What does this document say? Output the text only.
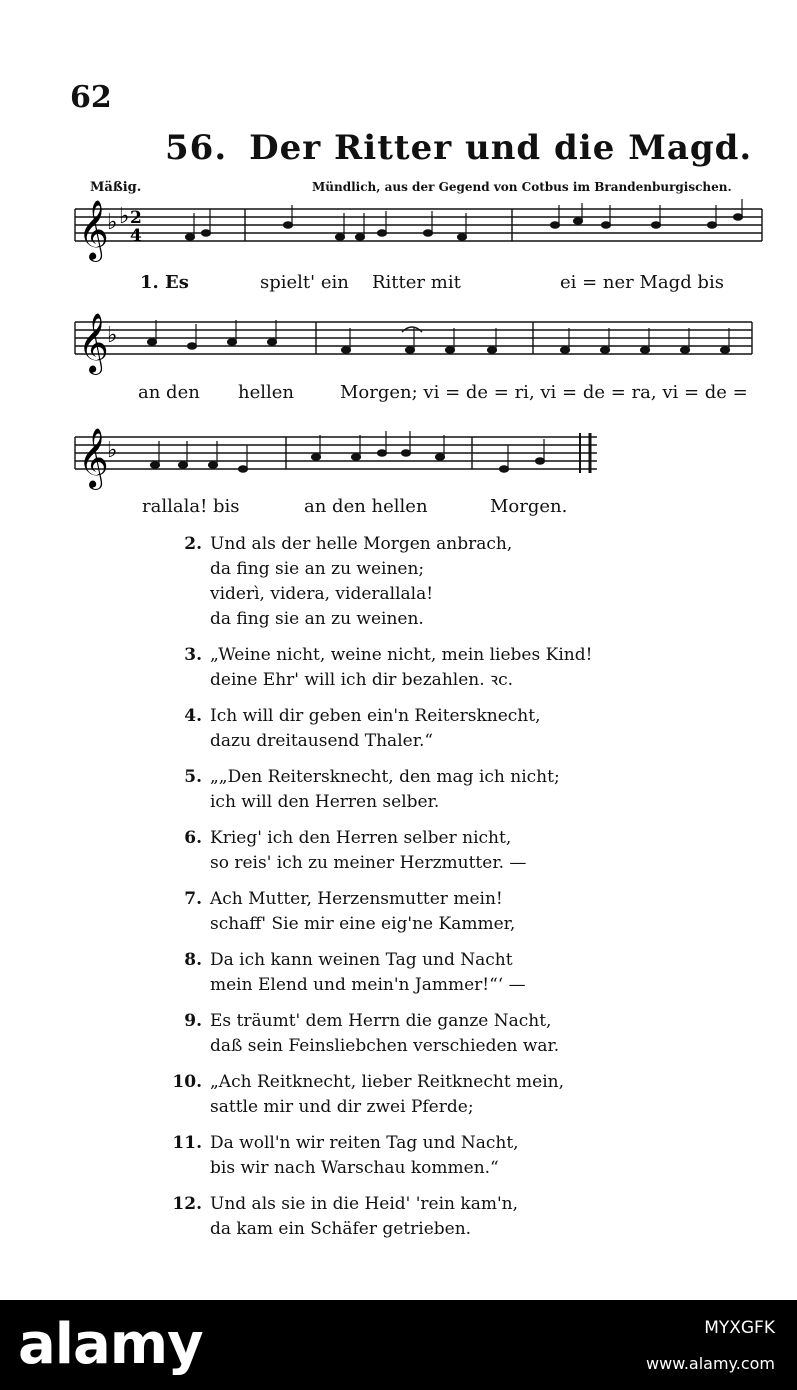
62
56. Der Ritter und die Magd.
Mäßig.	Mündlich, aus der Gegend von Cotbus im Brandenburgischen.
𝄞
♭ ♭ 2
4
1. Es	spielt' ein Ritter mit	ei = ner Magd bis
𝄞
♭
an den hellen	Morgen; vi = de = ri, vi = de = ra, vi = de =
𝄞
♭
rallala! bis	an den hellen	Morgen.
2. Und als der helle Morgen anbrach,
da fing sie an zu weinen;
viderì, videra, viderallala!
da fing sie an zu weinen.
3. „Weine nicht, weine nicht, mein liebes Kind!
deine Ehr' will ich dir bezahlen. ꝛc.
4. Ich will dir geben ein'n Reitersknecht,
dazu dreitausend Thaler.“
5. „„Den Reitersknecht, den mag ich nicht;
ich will den Herren selber.
6. Krieg' ich den Herren selber nicht,
so reis' ich zu meiner Herzmutter. —
7. Ach Mutter, Herzensmutter mein!
schaff' Sie mir eine eig'ne Kammer,
8. Da ich kann weinen Tag und Nacht
mein Elend und mein'n Jammer!“‘ —
9. Es träumt' dem Herrn die ganze Nacht,
daß sein Feinsliebchen verschieden war.
10. „Ach Reitknecht, lieber Reitknecht mein,
sattle mir und dir zwei Pferde;
11. Da woll'n wir reiten Tag und Nacht,
bis wir nach Warschau kommen.“
12. Und als sie in die Heid' 'rein kam'n,
da kam ein Schäfer getrieben.
alamy	MYXGFK
www.alamy.com
